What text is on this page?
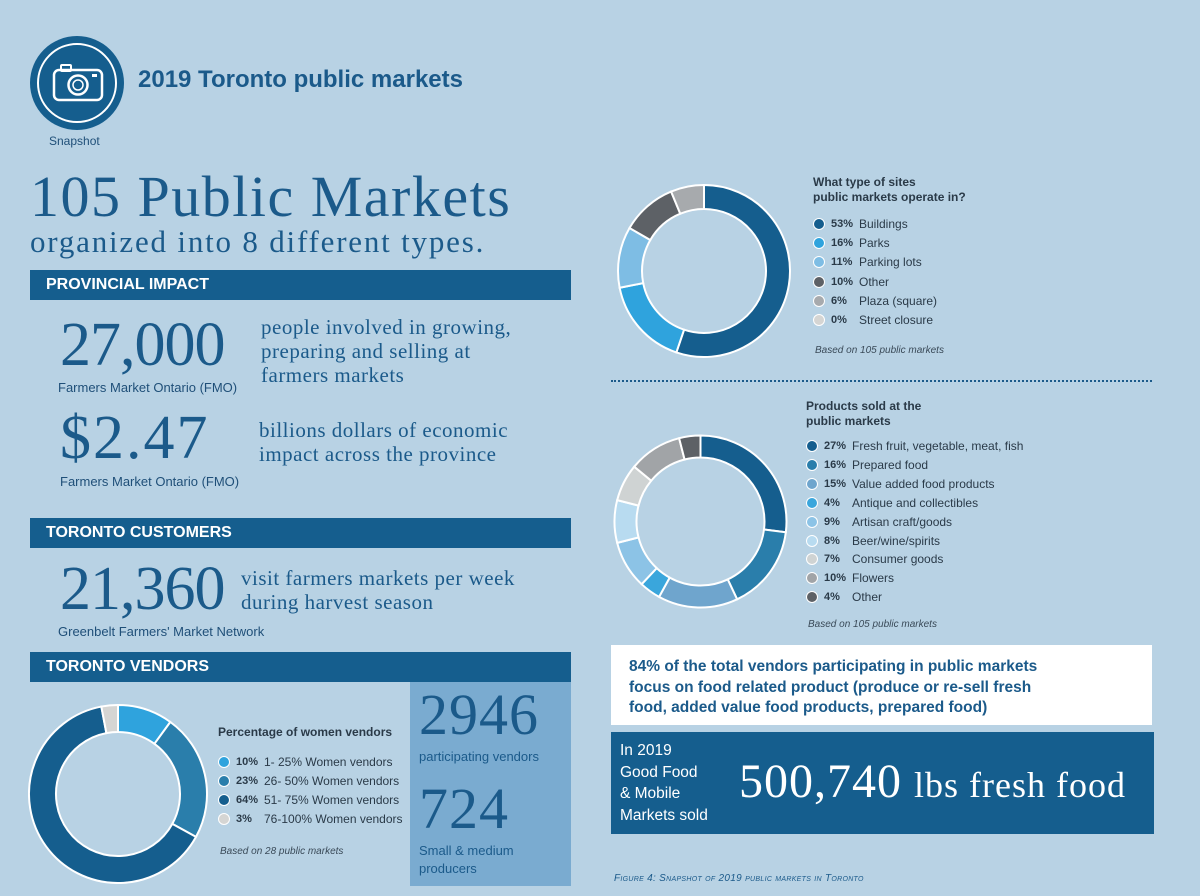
Snapshot
2019 Toronto public markets
105 Public Markets
organized into 8 different types.
PROVINCIAL IMPACT
27,000 people involved in growing,
preparing and selling at
farmers markets
Farmers Market Ontario (FMO)
$2.47 billions dollars of economic
impact across the province
Farmers Market Ontario (FMO)
TORONTO CUSTOMERS
21,360 visit farmers markets per week
during harvest season
Greenbelt Farmers' Market Network
TORONTO VENDORS
2946
participating vendors
724
Small & medium
producers
Percentage of women vendors
10% 1- 25% Women vendors
23% 26- 50% Women vendors
64% 51- 75% Women vendors
3%	76-100% Women vendors
Based on 28 public markets
What type of sites
public markets operate in?
53% Buildings
16% Parks
11% Parking lots
10% Other
6%	Plaza (square)
0%	Street closure
Based on 105 public markets
Products sold at the
public markets
27% Fresh fruit, vegetable, meat, fish
16% Prepared food
15% Value added food products
4%	Antique and collectibles
9%	Artisan craft/goods
8%	Beer/wine/spirits
7%	Consumer goods
10% Flowers
4%	Other
Based on 105 public markets
84% of the total vendors participating in public markets
focus on food related product (produce or re-sell fresh
food, added value food products, prepared food)
In 2019
Good Food
& Mobile
Markets sold
500,740 lbs fresh food
Figure 4: Snapshot of 2019 public markets in Toronto
